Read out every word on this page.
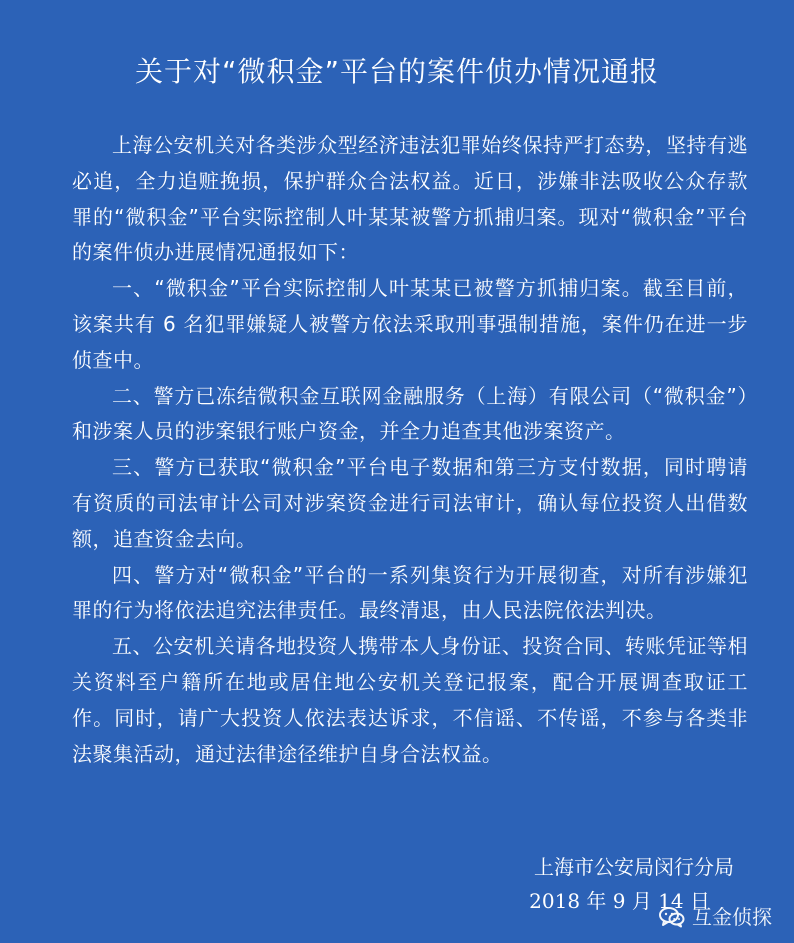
关于对“微积金”平台的案件侦办情况通报

上海公安机关对各类涉众型经济违法犯罪始终保持严打态势，坚持有逃必追，全力追赃挽损，保护群众合法权益。近日，涉嫌非法吸收公众存款罪的“微积金”平台实际控制人叶某某被警方抓捕归案。现对“微积金”平台的案件侦办进展情况通报如下：

一、“微积金”平台实际控制人叶某某已被警方抓捕归案。截至目前，该案共有 6 名犯罪嫌疑人被警方依法采取刑事强制措施，案件仍在进一步侦查中。

二、警方已冻结微积金互联网金融服务（上海）有限公司（“微积金”）和涉案人员的涉案银行账户资金，并全力追查其他涉案资产。

三、警方已获取“微积金”平台电子数据和第三方支付数据，同时聘请有资质的司法审计公司对涉案资金进行司法审计，确认每位投资人出借数额，追查资金去向。

四、警方对“微积金”平台的一系列集资行为开展彻查，对所有涉嫌犯罪的行为将依法追究法律责任。最终清退，由人民法院依法判决。

五、公安机关请各地投资人携带本人身份证、投资合同、转账凭证等相关资料至户籍所在地或居住地公安机关登记报案，配合开展调查取证工作。同时，请广大投资人依法表达诉求，不信谣、不传谣，不参与各类非法聚集活动，通过法律途径维护自身合法权益。

上海市公安局闵行分局
2018 年 9 月 14 日
互金侦探
